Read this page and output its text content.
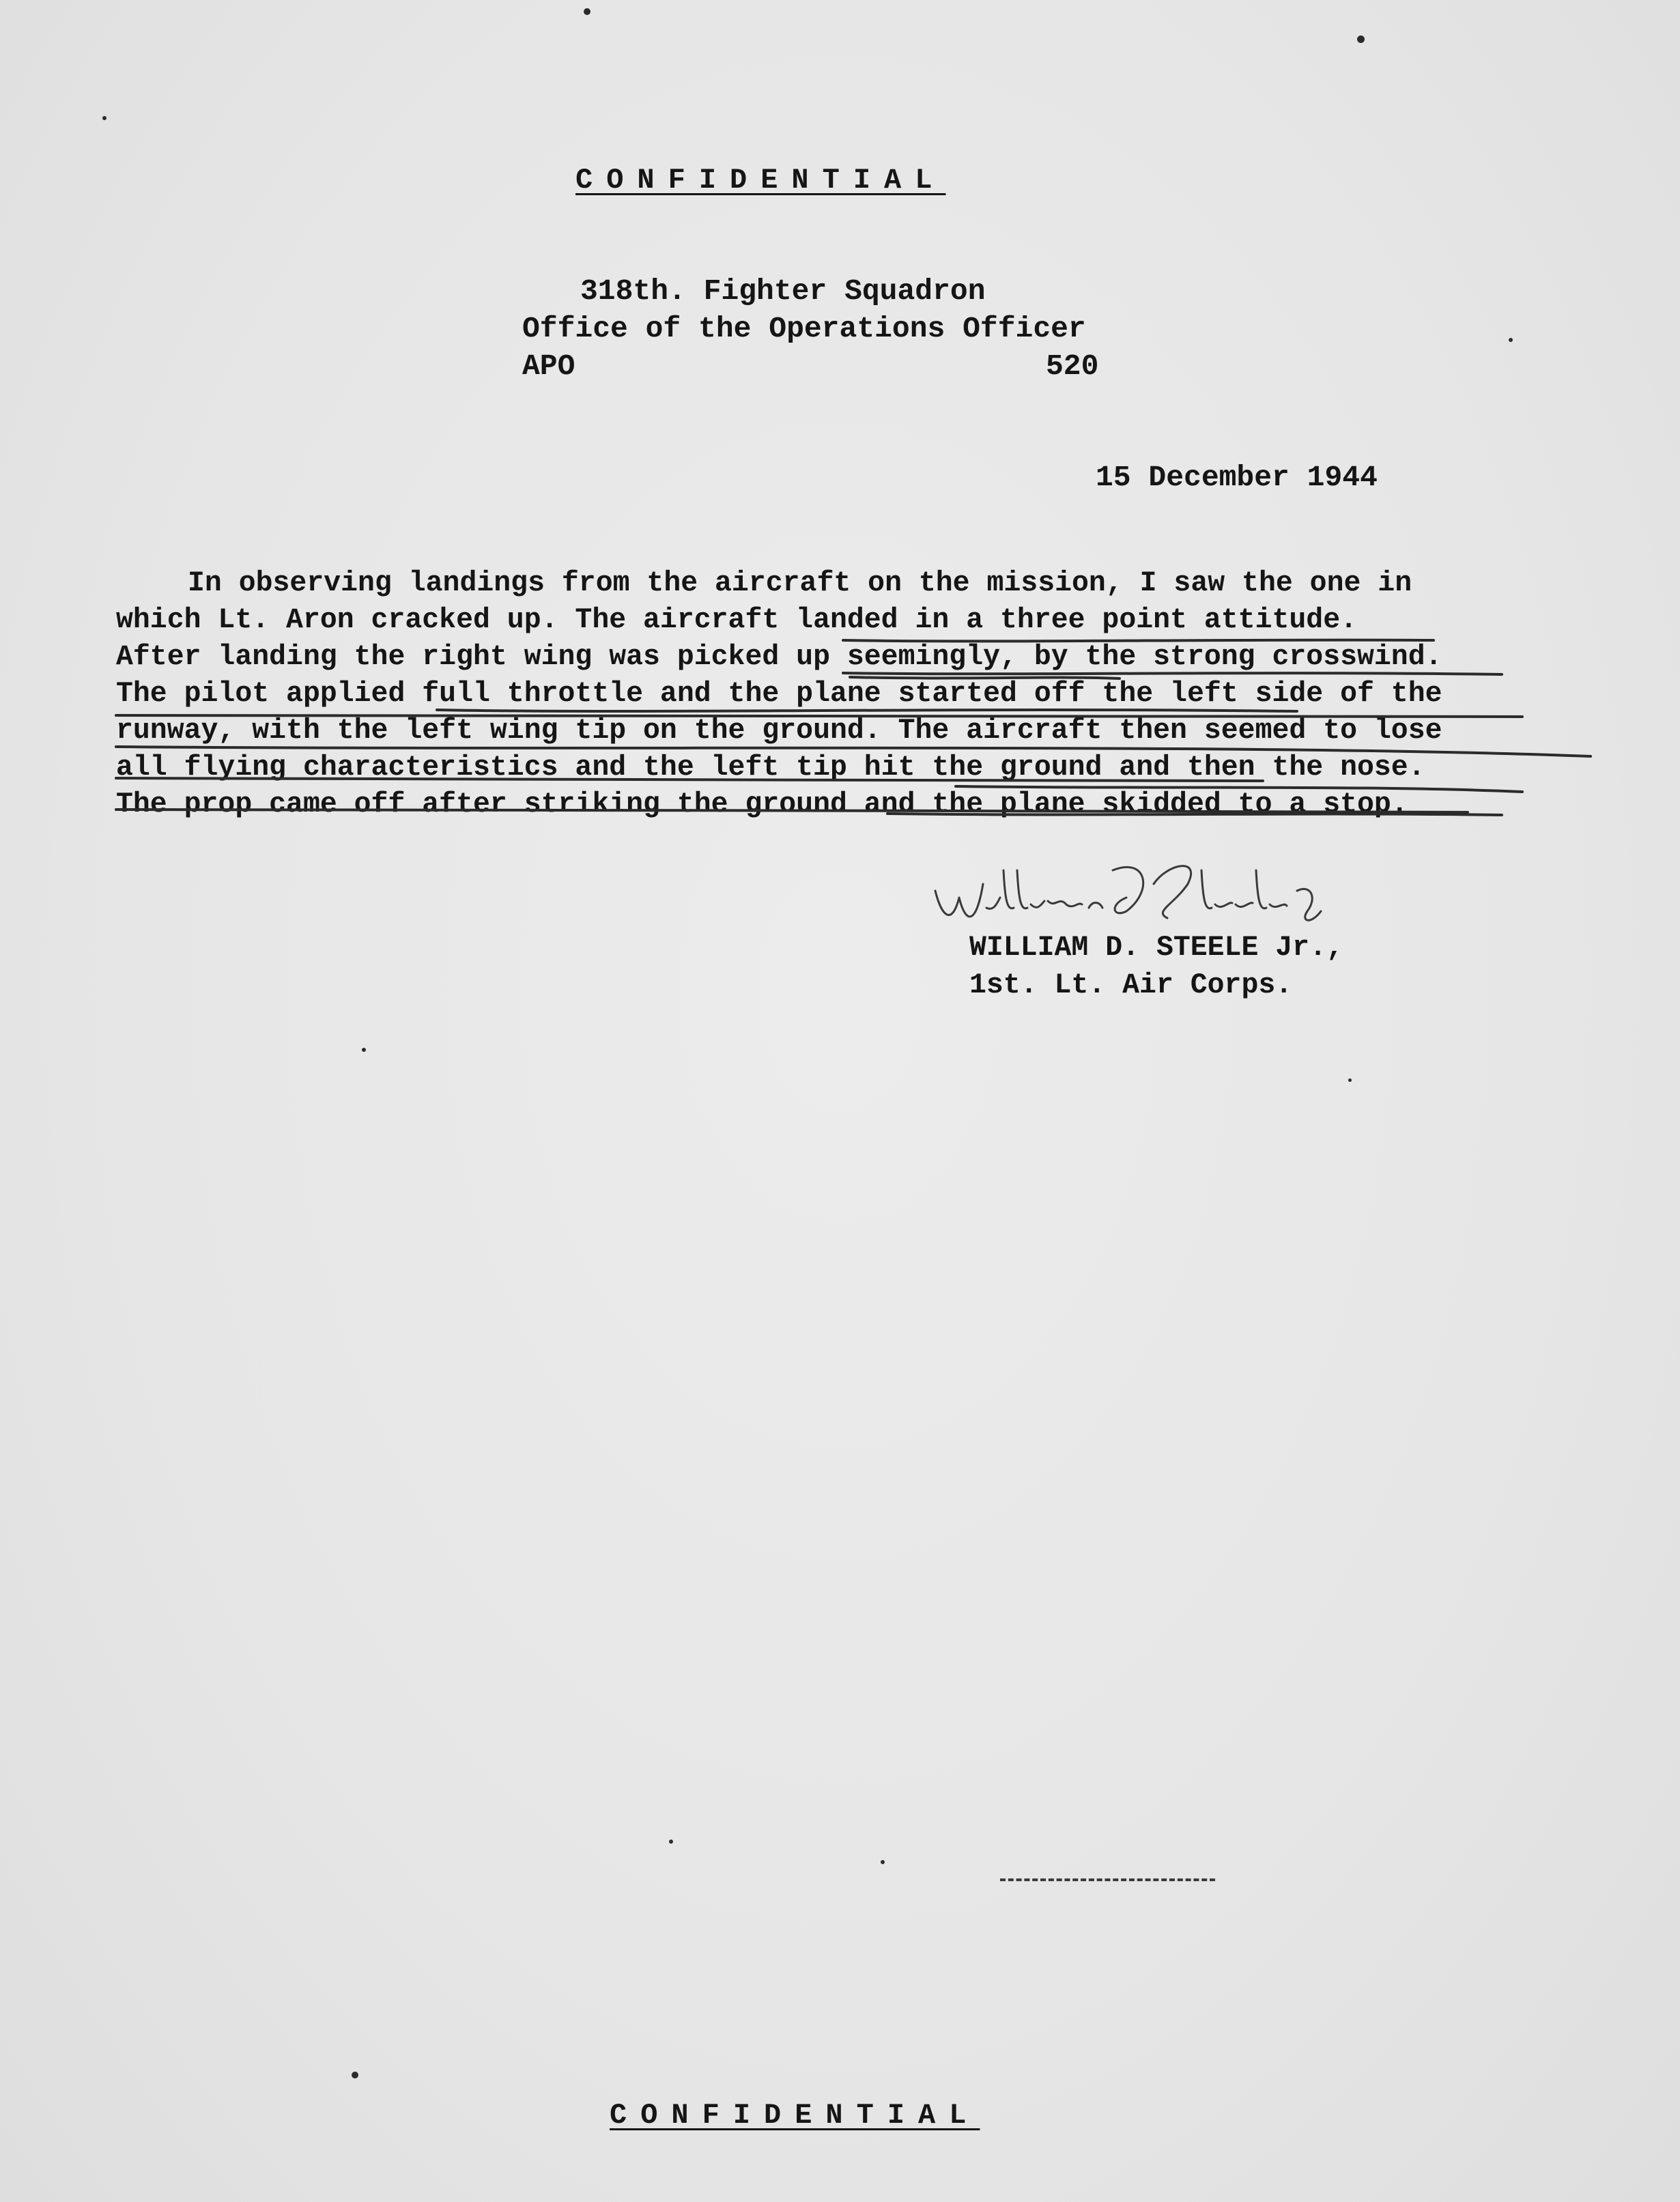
CONFIDENTIAL
318th. Fighter Squadron
Office of the Operations Officer
APO	520
15 December 1944
In observing landings from the aircraft on the mission, I saw the one in
which Lt. Aron cracked up. The aircraft landed in a three point attitude.
After landing the right wing was picked up seemingly, by the strong crosswind.
The pilot applied full throttle and the plane started off the left side of the
runway, with the left wing tip on the ground. The aircraft then seemed to lose
all flying characteristics and the left tip hit the ground and then the nose.
The prop came off after striking the ground and the plane skidded to a stop.
WILLIAM D. STEELE Jr.,
1st. Lt. Air Corps.
CONFIDENTIAL
